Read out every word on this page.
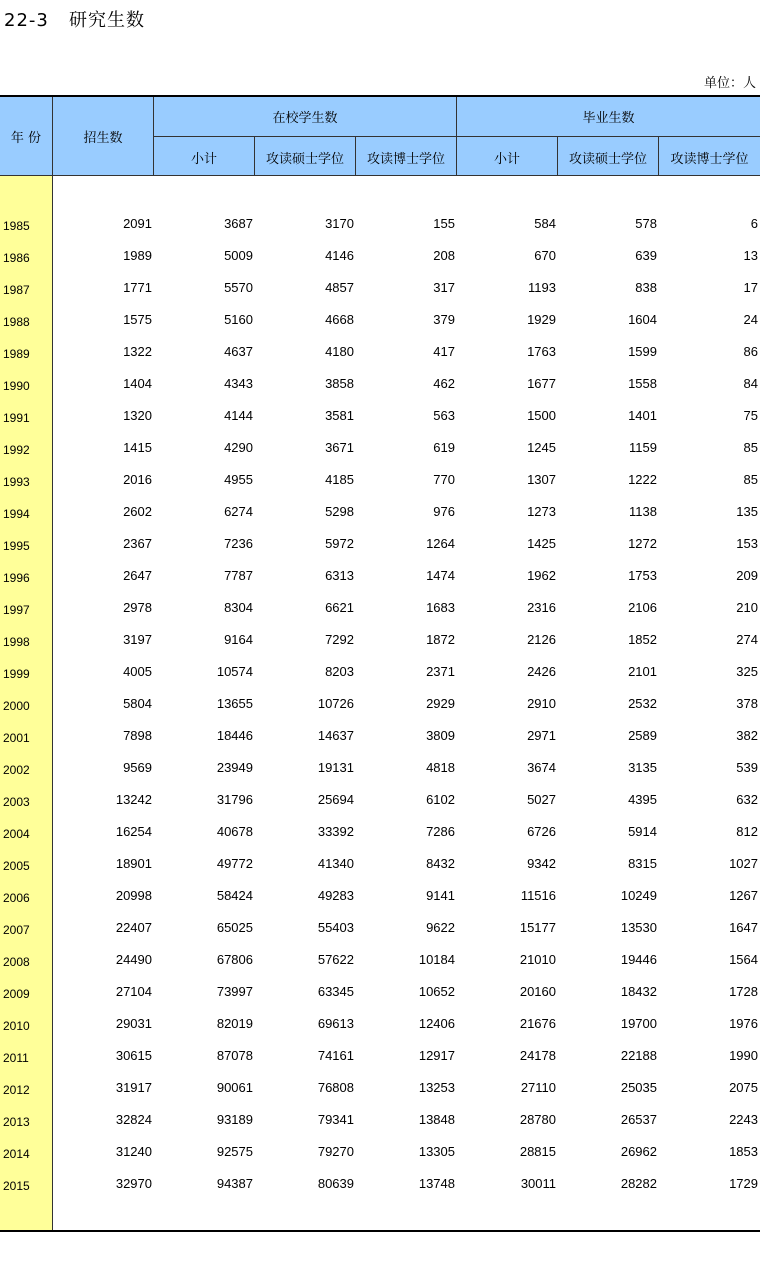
22-3   研究生数
单位：人
年 份	招生数
在校学生数	毕业生数
小计	攻读硕士学位	攻读博士学位	小计	攻读硕士学位	攻读博士学位
1985	2091	3687	3170	155	584	578	6
1986	1989	5009	4146	208	670	639	13
1987	1771	5570	4857	317	1193	838	17
1988	1575	5160	4668	379	1929	1604	24
1989	1322	4637	4180	417	1763	1599	86
1990	1404	4343	3858	462	1677	1558	84
1991	1320	4144	3581	563	1500	1401	75
1992	1415	4290	3671	619	1245	1159	85
1993	2016	4955	4185	770	1307	1222	85
1994	2602	6274	5298	976	1273	1138	135
1995	2367	7236	5972	1264	1425	1272	153
1996	2647	7787	6313	1474	1962	1753	209
1997	2978	8304	6621	1683	2316	2106	210
1998	3197	9164	7292	1872	2126	1852	274
1999	4005	10574	8203	2371	2426	2101	325
2000	5804	13655	10726	2929	2910	2532	378
2001	7898	18446	14637	3809	2971	2589	382
2002	9569	23949	19131	4818	3674	3135	539
2003	13242	31796	25694	6102	5027	4395	632
2004	16254	40678	33392	7286	6726	5914	812
2005	18901	49772	41340	8432	9342	8315	1027
2006	20998	58424	49283	9141	11516	10249	1267
2007	22407	65025	55403	9622	15177	13530	1647
2008	24490	67806	57622	10184	21010	19446	1564
2009	27104	73997	63345	10652	20160	18432	1728
2010	29031	82019	69613	12406	21676	19700	1976
2011	30615	87078	74161	12917	24178	22188	1990
2012	31917	90061	76808	13253	27110	25035	2075
2013	32824	93189	79341	13848	28780	26537	2243
2014	31240	92575	79270	13305	28815	26962	1853
2015	32970	94387	80639	13748	30011	28282	1729
